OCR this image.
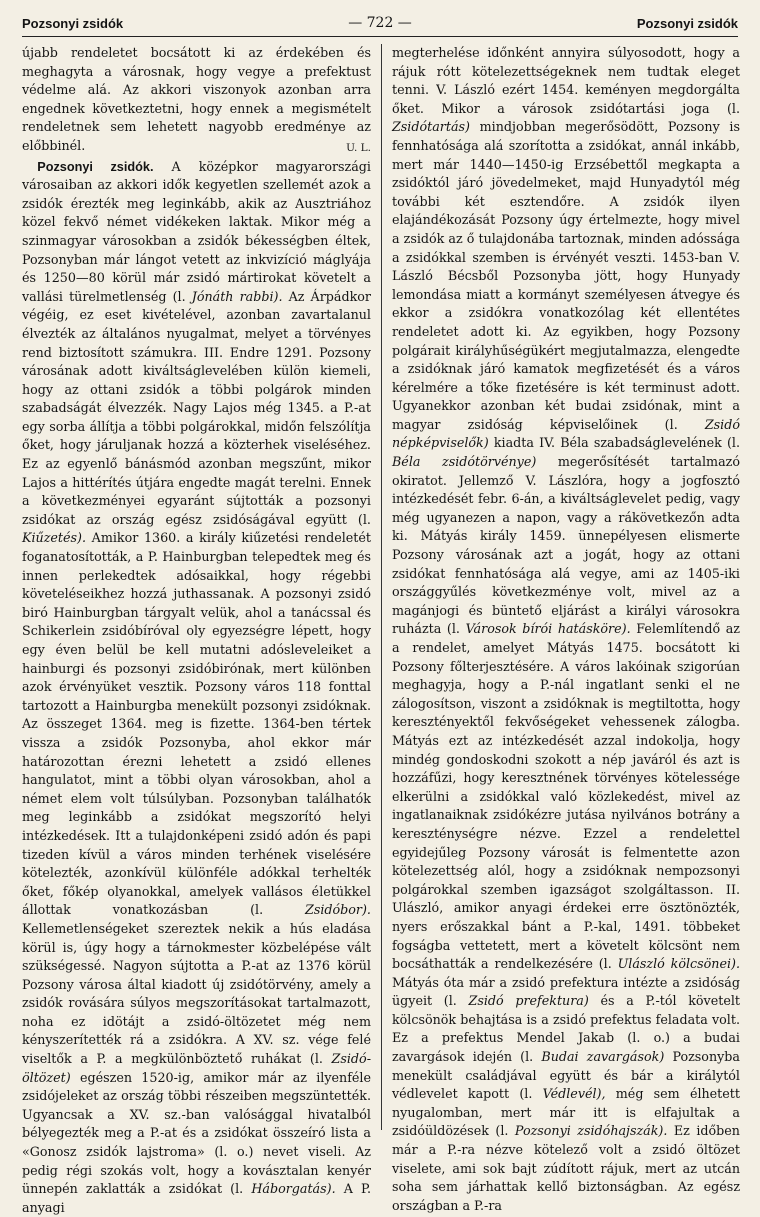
Pozsonyi zsidók	— 722 —	Pozsonyi zsidók

újabb rendeletet bocsátott ki az érdekében és meghagyta a városnak, hogy vegye a prefektust védelme alá. Az akkori viszonyok azonban arra engednek következtetni, hogy ennek a megismételt rendeletnek sem lehetett nagyobb eredménye az előbbinél.	U. L.

Pozsonyi zsidók. A középkor magyarországi városaiban az akkori idők kegyetlen szellemét azok a zsidók érezték meg leginkább, akik az Ausztriához közel fekvő német vidékeken laktak. Mikor még a szinmagyar városokban a zsidók békességben éltek, Pozsonyban már lángot vetett az inkvizíció máglyája és 1250—80 körül már zsidó mártirokat követelt a vallási türelmetlenség (l. Jónáth rabbi). Az Árpádkor végéig, ez eset kivételével, azonban zavartalanul élvezték az általános nyugalmat, melyet a törvényes rend biztosított számukra. III. Endre 1291. Pozsony városának adott kiváltságlevelében külön kiemeli, hogy az ottani zsidók a többi polgárok minden szabadságát élvezzék. Nagy Lajos még 1345. a P.-at egy sorba állítja a többi polgárokkal, midőn felszólítja őket, hogy járuljanak hozzá a közterhek viseléséhez. Ez az egyenlő bánásmód azonban megszűnt, mikor Lajos a hittérítés útjára engedte magát terelni. Ennek a következményei egyaránt sújtották a pozsonyi zsidókat az ország egész zsidóságával együtt (l. Kiűzetés). Amikor 1360. a király kiűzetési rendeletét foganatosították, a P. Hainburgban telepedtek meg és innen perlekedtek adósaikkal, hogy régebbi követeléseikhez hozzá juthassanak. A pozsonyi zsidó biró Hainburgban tárgyalt velük, ahol a tanácssal és Schikerlein zsidóbíróval oly egyezségre lépett, hogy egy éven belül be kell mutatni adósleveleiket a hainburgi és pozsonyi zsidóbirónak, mert különben azok érvényüket vesztik. Pozsony város 118 fonttal tartozott a Hainburgba menekült pozsonyi zsidóknak. Az összeget 1364. meg is fizette. 1364-ben tértek vissza a zsidók Pozsonyba, ahol ekkor már határozottan érezni lehetett a zsidó ellenes hangulatot, mint a többi olyan városokban, ahol a német elem volt túlsúlyban. Pozsonyban találhatók meg leginkább a zsidókat megszorító helyi intézkedések. Itt a tulajdonképeni zsidó adón és papi tizeden kívül a város minden terhének viselésére kötelezték, azonkívül különféle adókkal terhelték őket, főkép olyanokkal, amelyek vallásos életükkel állottak vonatkozásban (l.	Zsidóbor). Kellemetlenségeket szereztek nekik a hús eladása körül is, úgy hogy a tárnokmester közbelépése vált szükségessé. Nagyon sújtotta a P.-at az 1376 körül Pozsony városa által kiadott új zsidótörvény, amely a zsidók rovására súlyos megszorításokat tartalmazott, noha ez idötájt a zsidó-öltözetet még nem kényszerítették rá a zsidókra. A XV. sz. vége felé viseltők a P. a megkülönböztető ruhákat (l. Zsidó-öltözet) egészen 1520-ig, amikor már az ilyenféle zsidójeleket az ország többi részeiben megszüntették. Ugyancsak a XV. sz.-ban valósággal hivatalból bélyegezték meg a P.-at és a zsidókat összeíró lista a «Gonosz zsidók lajstroma» (l. o.) nevet viseli. Az pedig régi szokás volt, hogy a kovásztalan kenyér ünnepén zaklatták a zsidókat (l. Háborgatás). A P. anyagi

megterhelése időnként annyira súlyosodott, hogy a rájuk rótt kötelezettségeknek nem tudtak eleget tenni. V. László ezért 1454. keményen megdorgálta őket. Mikor a városok zsidótartási joga (l. Zsidótartás) mindjobban megerősödött, Pozsony is fennhatósága alá szorította a zsidókat, annál inkább, mert már 1440—1450-ig Erzsébettől megkapta a zsidóktól járó jövedelmeket, majd Hunyadytól még további két esztendőre. A zsidók ilyen elajándékozását Pozsony úgy értelmezte, hogy mivel a zsidók az ő tulajdonába tartoznak, minden adóssága a zsidókkal szemben is érvényét veszti. 1453-ban V. László Bécsből Pozsonyba jött, hogy Hunyady lemondása miatt a kormányt személyesen átvegye és ekkor a zsidókra vonatkozólag két ellentétes rendeletet adott ki. Az egyikben, hogy Pozsony polgárait királyhűségükért megjutalmazza, elengedte a zsidóknak járó kamatok megfizetését és a város kérelmére a tőke fizetésére is két terminust adott. Ugyanekkor azonban két budai zsidónak, mint a magyar zsidóság képviselőinek (l. Zsidó népképviselők) kiadta IV. Béla szabadságlevelének (l. Béla zsidótörvénye) megerősítését tartalmazó okiratot. Jellemző V. Lászlóra, hogy a jogfosztó intézkedését febr. 6-án, a kiváltságlevelet pedig, vagy még ugyanezen a napon, vagy a rákövetkezőn adta ki. Mátyás király 1459. ünnepélyesen elismerte Pozsony városának azt a jogát, hogy az ottani zsidókat fennhatósága alá vegye, ami az 1405-iki országgyűlés következménye volt, mivel az a magánjogi és büntető eljárást a királyi városokra ruházta (l. Városok bírói hatásköre). Felemlítendő az a rendelet, amelyet Mátyás 1475. bocsátott ki Pozsony főlterjesztésére. A város lakóinak szigorúan meghagyja, hogy a P.-nál ingatlant senki el ne zálogosítson, viszont a zsidóknak is megtiltotta, hogy keresztényektől fekvőségeket vehessenek zálogba. Mátyás ezt az intézkedését azzal indokolja, hogy mindég gondoskodni szokott a nép javáról és azt is hozzáfűzi, hogy keresztnének törvényes kötelessége elkerülni a zsidókkal való közlekedést, mivel az ingatlanaiknak zsidókézre jutása nyilvános botrány a kereszténységre nézve. Ezzel a rendelettel egyidejűleg Pozsony városát is felmentette azon kötelezettség alól, hogy a zsidóknak nempozsonyi polgárokkal szemben igazságot szolgáltasson. II. Ulászló, amikor anyagi érdekei erre ösztönözték, nyers erőszakkal bánt a P.-kal, 1491. többeket fogságba vettetett, mert a követelt kölcsönt nem bocsáthatták a rendelkezésére (l. Ulászló kölcsönei). Mátyás óta már a zsidó prefektura intézte a zsidóság ügyeit (l. Zsidó prefektura) és a P.-tól követelt kölcsönök behajtása is a zsidó prefektus feladata volt. Ez a prefektus Mendel Jakab (l. o.) a budai zavargások idején (l. Budai zavargások) Pozsonyba menekült családjával együtt és bár a királytól védlevelet kapott (l. Védlevél), még sem élhetett nyugalomban, mert már itt is elfajultak a zsidóüldözések (l. Pozsonyi zsidóhajszák). Ez időben már a P.-ra nézve kötelező volt a zsidó öltözet viselete, ami sok bajt zúdított rájuk, mert az utcán soha sem járhattak kellő biztonságban. Az egész országban a P.-ra
